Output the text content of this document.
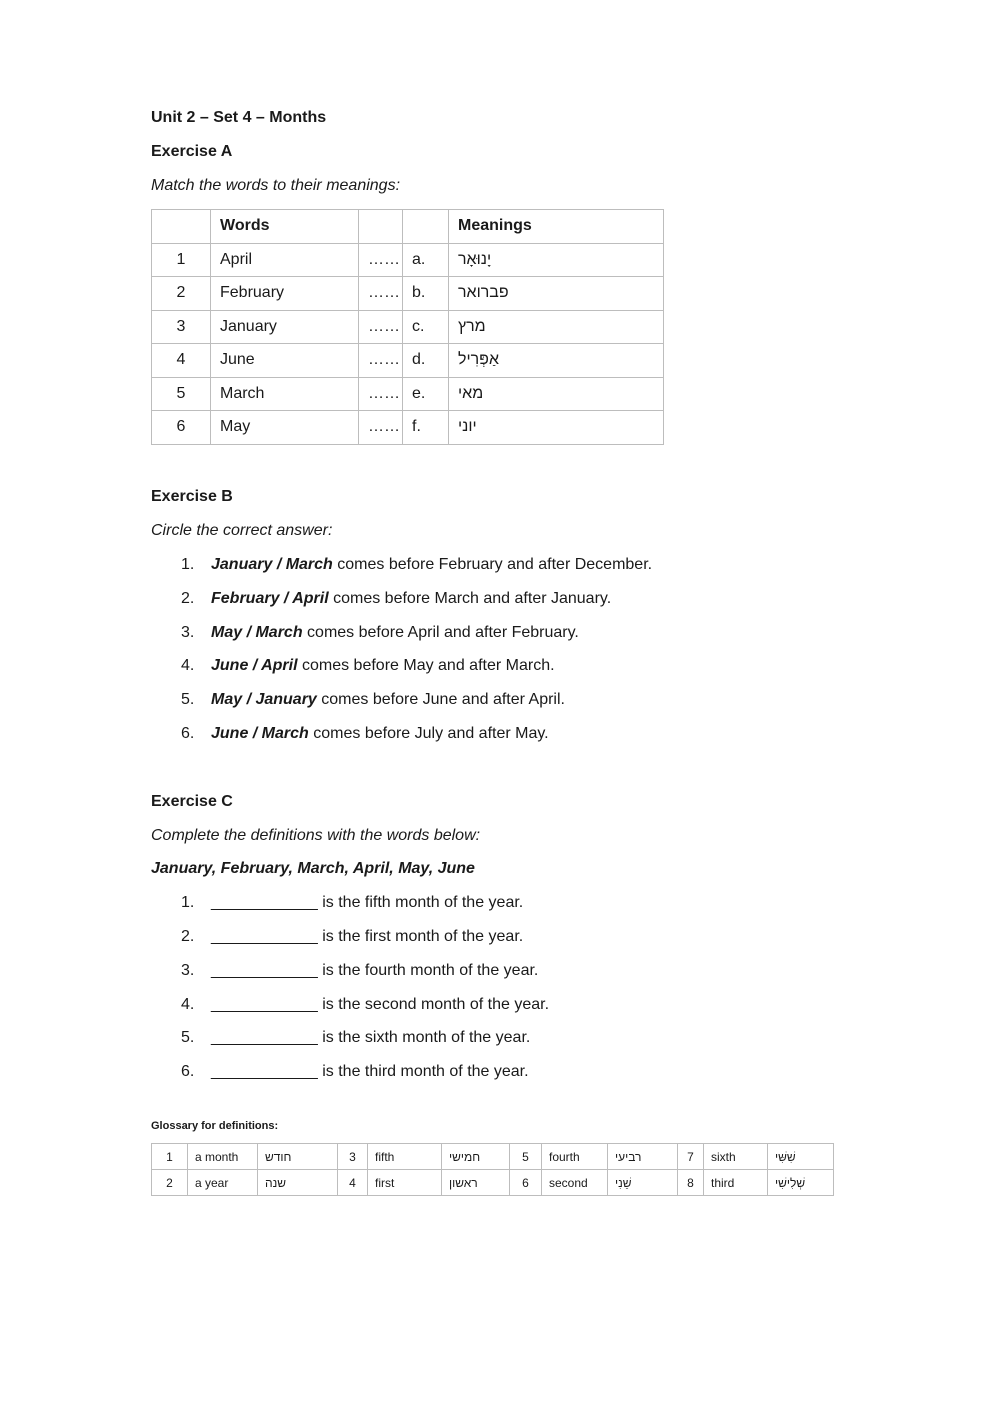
Unit 2 – Set 4 – Months
Exercise A
Match the words to their meanings:
	Words			Meanings
1	April	……	a.	יָנוּאָר
2	February	……	b.	פברואר
3	January	……	c.	מרץ
4	June	……	d.	אַפְּרִיל
5	March	……	e.	מאי
6	May	……	f.	יוני
Exercise B
Circle the correct answer:
1. January / March comes before February and after December.
2. February / April comes before March and after January.
3. May / March comes before April and after February.
4. June / April comes before May and after March.
5. May / January comes before June and after April.
6. June / March comes before July and after May.
Exercise C
Complete the definitions with the words below:
January, February, March, April, May, June
1. ____________ is the fifth month of the year.
2. ____________ is the first month of the year.
3. ____________ is the fourth month of the year.
4. ____________ is the second month of the year.
5. ____________ is the sixth month of the year.
6. ____________ is the third month of the year.
Glossary for definitions:
1	a month	חודש	3	fifth	חמישי	5	fourth	רביעי	7	sixth	שִׁשִּׁי
2	a year	שנה	4	first	ראשון	6	second	שֵׁנִי	8	third	שְׁלִישִׁי
